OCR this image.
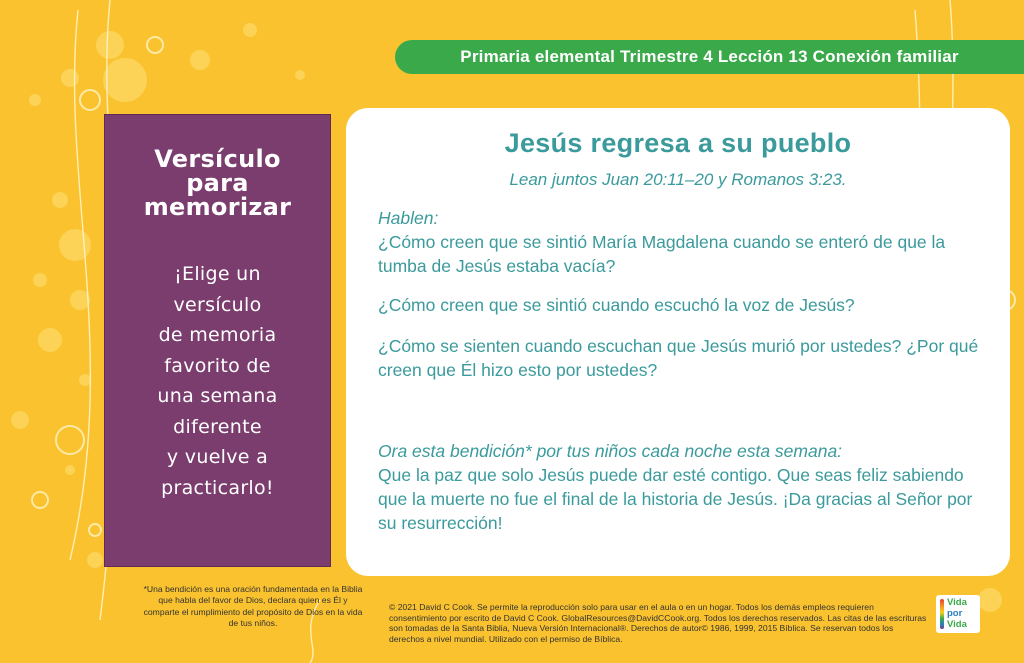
Primaria elemental Trimestre 4 Lección 13 Conexión familiar
Versículo
para
memorizar
¡Elige un
versículo
de memoria
favorito de
una semana
diferente
y vuelve a
practicarlo!
Jesús regresa a su pueblo
Lean juntos Juan 20:11–20 y Romanos 3:23.
Hablen:
¿Cómo creen que se sintió María Magdalena cuando se enteró de que la tumba de Jesús estaba vacía?
¿Cómo creen que se sintió cuando escuchó la voz de Jesús?
¿Cómo se sienten cuando escuchan que Jesús murió por ustedes? ¿Por qué creen que Él hizo esto por ustedes?
Ora esta bendición* por tus niños cada noche esta semana:
Que la paz que solo Jesús puede dar esté contigo. Que seas feliz sabiendo que la muerte no fue el final de la historia de Jesús. ¡Da gracias al Señor por su resurrección!
*Una bendición es una oración fundamentada en la Biblia que habla del favor de Dios, declara quien es Él y comparte el rumplimiento del propósito de Dios en la vida de tus niños.
© 2021 David C Cook. Se permite la reproducción solo para usar en el aula o en un hogar. Todos los demás empleos requieren consentimiento por escrito de David C Cook. GlobalResources@DavidCCook.org. Todos los derechos reservados. Las citas de las escrituras son tomadas de la Santa Biblia, Nueva Versión Internacional®. Derechos de autor© 1986, 1999, 2015 Bíblica. Se reservan todos los derechos a nivel mundial. Utilizado con el permiso de Bíblica.
Vida
por
Vida
